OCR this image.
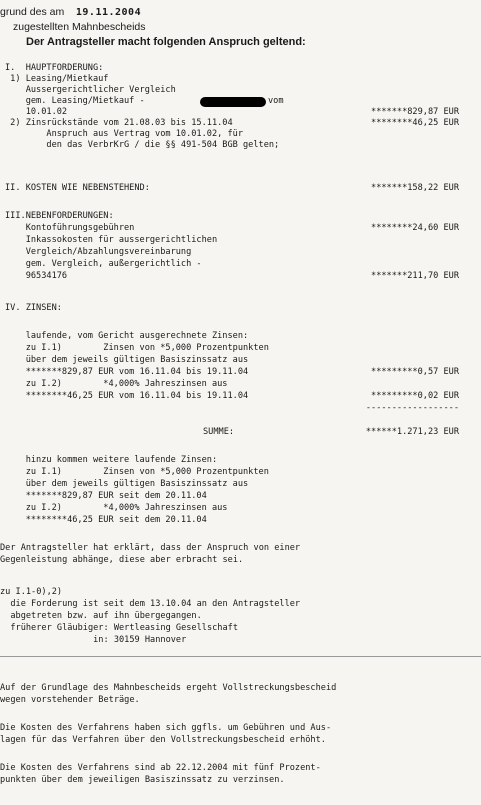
grund des am 19.11.2004
zugestellten Mahnbescheids
Der Antragsteller macht folgenden Anspruch geltend:
I.  HAUPTFORDERUNG:
1) Leasing/Mietkauf
Aussergerichtlicher Vergleich
gem. Leasing/Mietkauf -	vom
10.01.02	*******829,87 EUR
2) Zinsrückstände vom 21.08.03 bis 15.11.04	********46,25 EUR
Anspruch aus Vertrag vom 10.01.02, für
den das VerbrKrG / die §§ 491-504 BGB gelten;
II. KOSTEN WIE NEBENSTEHEND:	*******158,22 EUR
III.NEBENFORDERUNGEN:
Kontoführungsgebühren	********24,60 EUR
Inkassokosten für aussergerichtlichen
Vergleich/Abzahlungsvereinbarung
gem. Vergleich, außergerichtlich -
96534176	*******211,70 EUR
IV. ZINSEN:
laufende, vom Gericht ausgerechnete Zinsen:
zu I.1)        Zinsen von *5,000 Prozentpunkten
über dem jeweils gültigen Basiszinssatz aus
*******829,87 EUR vom 16.11.04 bis 19.11.04	*********0,57 EUR
zu I.2)        *4,000% Jahreszinsen aus
********46,25 EUR vom 16.11.04 bis 19.11.04	*********0,02 EUR
------------------
SUMME:	******1.271,23 EUR
hinzu kommen weitere laufende Zinsen:
zu I.1)        Zinsen von *5,000 Prozentpunkten
über dem jeweils gültigen Basiszinssatz aus
*******829,87 EUR seit dem 20.11.04
zu I.2)        *4,000% Jahreszinsen aus
********46,25 EUR seit dem 20.11.04
Der Antragsteller hat erklärt, dass der Anspruch von einer
Gegenleistung abhänge, diese aber erbracht sei.
zu I.1-0),2)
die Forderung ist seit dem 13.10.04 an den Antragsteller
abgetreten bzw. auf ihn übergegangen.
früherer Gläubiger: Wertleasing Gesellschaft
in: 30159 Hannover
Auf der Grundlage des Mahnbescheids ergeht Vollstreckungsbescheid
wegen vorstehender Beträge.
Die Kosten des Verfahrens haben sich ggfls. um Gebühren und Aus-
lagen für das Verfahren über den Vollstreckungsbescheid erhöht.
Die Kosten des Verfahrens sind ab 22.12.2004 mit fünf Prozent-
punkten über dem jeweiligen Basiszinssatz zu verzinsen.
